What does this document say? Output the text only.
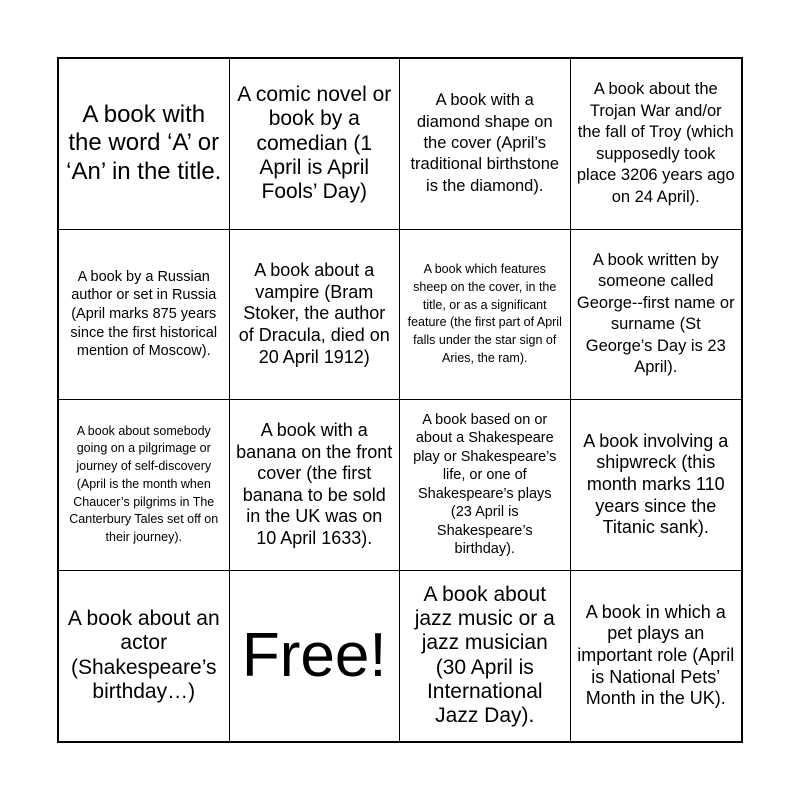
A book with the word ‘A’ or ‘An’ in the title.
A comic novel or book by a comedian (1 April is April Fools’ Day)
A book with a diamond shape on the cover (April’s traditional birthstone is the diamond).
A book about the Trojan War and/or the fall of Troy (which supposedly took place 3206 years ago on 24 April).
A book by a Russian author or set in Russia (April marks 875 years since the first historical mention of Moscow).
A book about a vampire (Bram Stoker, the author of Dracula, died on 20 April 1912)
A book which features sheep on the cover, in the title, or as a significant feature (the first part of April falls under the star sign of Aries, the ram).
A book written by someone called George--first name or surname (St George’s Day is 23 April).
A book about somebody going on a pilgrimage or journey of self-discovery (April is the month when Chaucer’s pilgrims in The Canterbury Tales set off on their journey).
A book with a banana on the front cover (the first banana to be sold in the UK was on 10 April 1633).
A book based on or about a Shakespeare play or Shakespeare’s life, or one of Shakespeare’s plays (23 April is Shakespeare’s birthday).
A book involving a shipwreck (this month marks 110 years since the Titanic sank).
A book about an actor (Shakespeare’s birthday…)
Free!
A book about jazz music or a jazz musician (30 April is International Jazz Day).
A book in which a pet plays an important role (April is National Pets’ Month in the UK).
